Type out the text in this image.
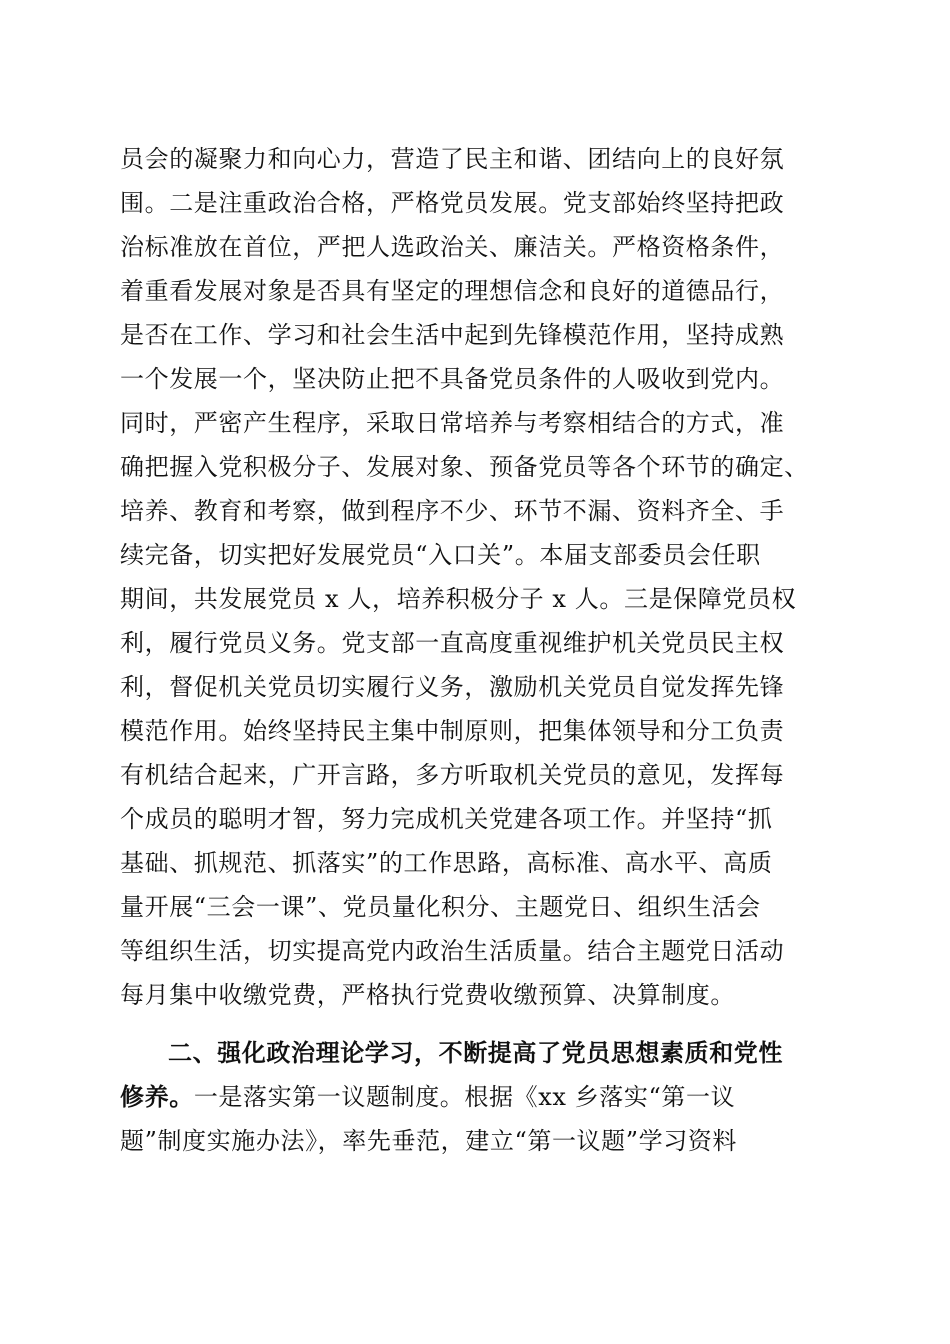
员会的凝聚力和向心力，营造了民主和谐、团结向上的良好氛
围。二是注重政治合格，严格党员发展。党支部始终坚持把政
治标准放在首位，严把人选政治关、廉洁关。严格资格条件，
着重看发展对象是否具有坚定的理想信念和良好的道德品行，
是否在工作、学习和社会生活中起到先锋模范作用，坚持成熟
一个发展一个，坚决防止把不具备党员条件的人吸收到党内。
同时，严密产生程序，采取日常培养与考察相结合的方式，准
确把握入党积极分子、发展对象、预备党员等各个环节的确定、
培养、教育和考察，做到程序不少、环节不漏、资料齐全、手
续完备，切实把好发展党员“入口关”。本届支部委员会任职
期间，共发展党员 x 人，培养积极分子 x 人。三是保障党员权
利，履行党员义务。党支部一直高度重视维护机关党员民主权
利，督促机关党员切实履行义务，激励机关党员自觉发挥先锋
模范作用。始终坚持民主集中制原则，把集体领导和分工负责
有机结合起来，广开言路，多方听取机关党员的意见，发挥每
个成员的聪明才智，努力完成机关党建各项工作。并坚持“抓
基础、抓规范、抓落实”的工作思路，高标准、高水平、高质
量开展“三会一课”、党员量化积分、主题党日、组织生活会
等组织生活，切实提高党内政治生活质量。结合主题党日活动
每月集中收缴党费，严格执行党费收缴预算、决算制度。
二、强化政治理论学习，不断提高了党员思想素质和党性
修养。一是落实第一议题制度。根据《xx 乡落实“第一议
题”制度实施办法》，率先垂范，建立“第一议题”学习资料
